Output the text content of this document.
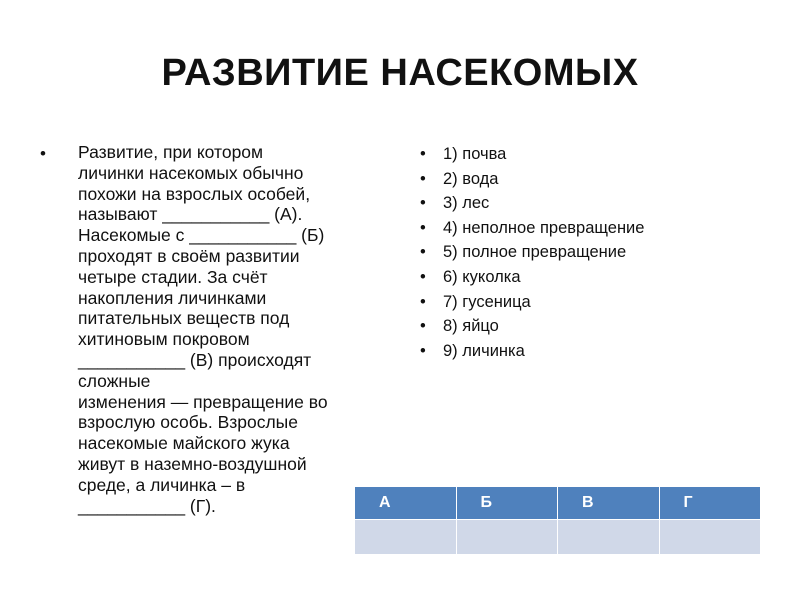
РАЗВИТИЕ НАСЕКОМЫХ
• Развитие, при котором
личинки насекомых обычно
похожи на взрослых особей,
называют ___________ (А).
Насекомые с ___________ (Б)
проходят в своём развитии
четыре стадии. За счёт
накопления личинками
питательных веществ под
хитиновым покровом
___________ (В) происходят
сложные
изменения — превращение во
взрослую особь. Взрослые
насекомые майского жука
живут в наземно-воздушной
среде, а личинка – в
___________ (Г).
• 1) почва
• 2) вода
• 3) лес
• 4) неполное превращение
• 5) полное превращение
• 6) куколка
• 7) гусеница
• 8) яйцо
• 9) личинка
А	Б	В	Г
